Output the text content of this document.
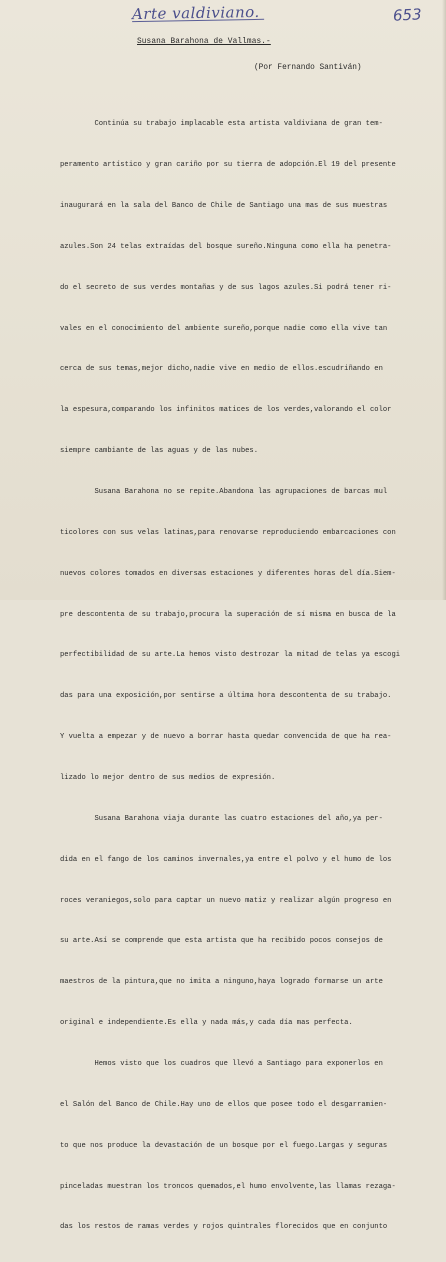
Arte valdiviano.	653
Susana Barahona de Vallmas.-
(Por Fernando Santiván)

Continúa su trabajo implacable esta artista valdiviana de gran tem-

peramento artístico y gran cariño por su tierra de adopción.El 19 del presente

inaugurará en la sala del Banco de Chile de Santiago una mas de sus muestras

azules.Son 24 telas extraídas del bosque sureño.Ninguna como ella ha penetra-

do el secreto de sus verdes montañas y de sus lagos azules.Si podrá tener ri-

vales en el conocimiento del ambiente sureño,porque nadie como ella vive tan

cerca de sus temas,mejor dicho,nadie vive en medio de ellos.escudriñando en

la espesura,comparando los infinitos matices de los verdes,valorando el color

siempre cambiante de las aguas y de las nubes.

Susana Barahona no se repite.Abandona las agrupaciones de barcas mul

ticolores con sus velas latinas,para renovarse reproduciendo embarcaciones con

nuevos colores tomados en diversas estaciones y diferentes horas del día.Siem-

pre descontenta de su trabajo,procura la superación de sí misma en busca de la

perfectibilidad de su arte.La hemos visto destrozar la mitad de telas ya escogi

das para una exposición,por sentirse a última hora descontenta de su trabajo.

Y vuelta a empezar y de nuevo a borrar hasta quedar convencida de que ha rea-

lizado lo mejor dentro de sus medios de expresión.

Susana Barahona viaja durante las cuatro estaciones del año,ya per-

dida en el fango de los caminos invernales,ya entre el polvo y el humo de los

roces veraniegos,solo para captar un nuevo matiz y realizar algún progreso en

su arte.Así se comprende que esta artista que ha recibido pocos consejos de

maestros de la pintura,que no imita a ninguno,haya logrado formarse un arte

original e independiente.Es ella y nada más,y cada día mas perfecta.

Hemos visto que los cuadros que llevó a Santiago para exponerlos en

el Salón del Banco de Chile.Hay uno de ellos que posee todo el desgarramien-

to que nos produce la devastación de un bosque por el fuego.Largas y seguras

pinceladas muestran los troncos quemados,el humo envolvente,las llamas rezaga-

das los restos de ramas verdes y rojos quintrales florecidos que en conjunto
